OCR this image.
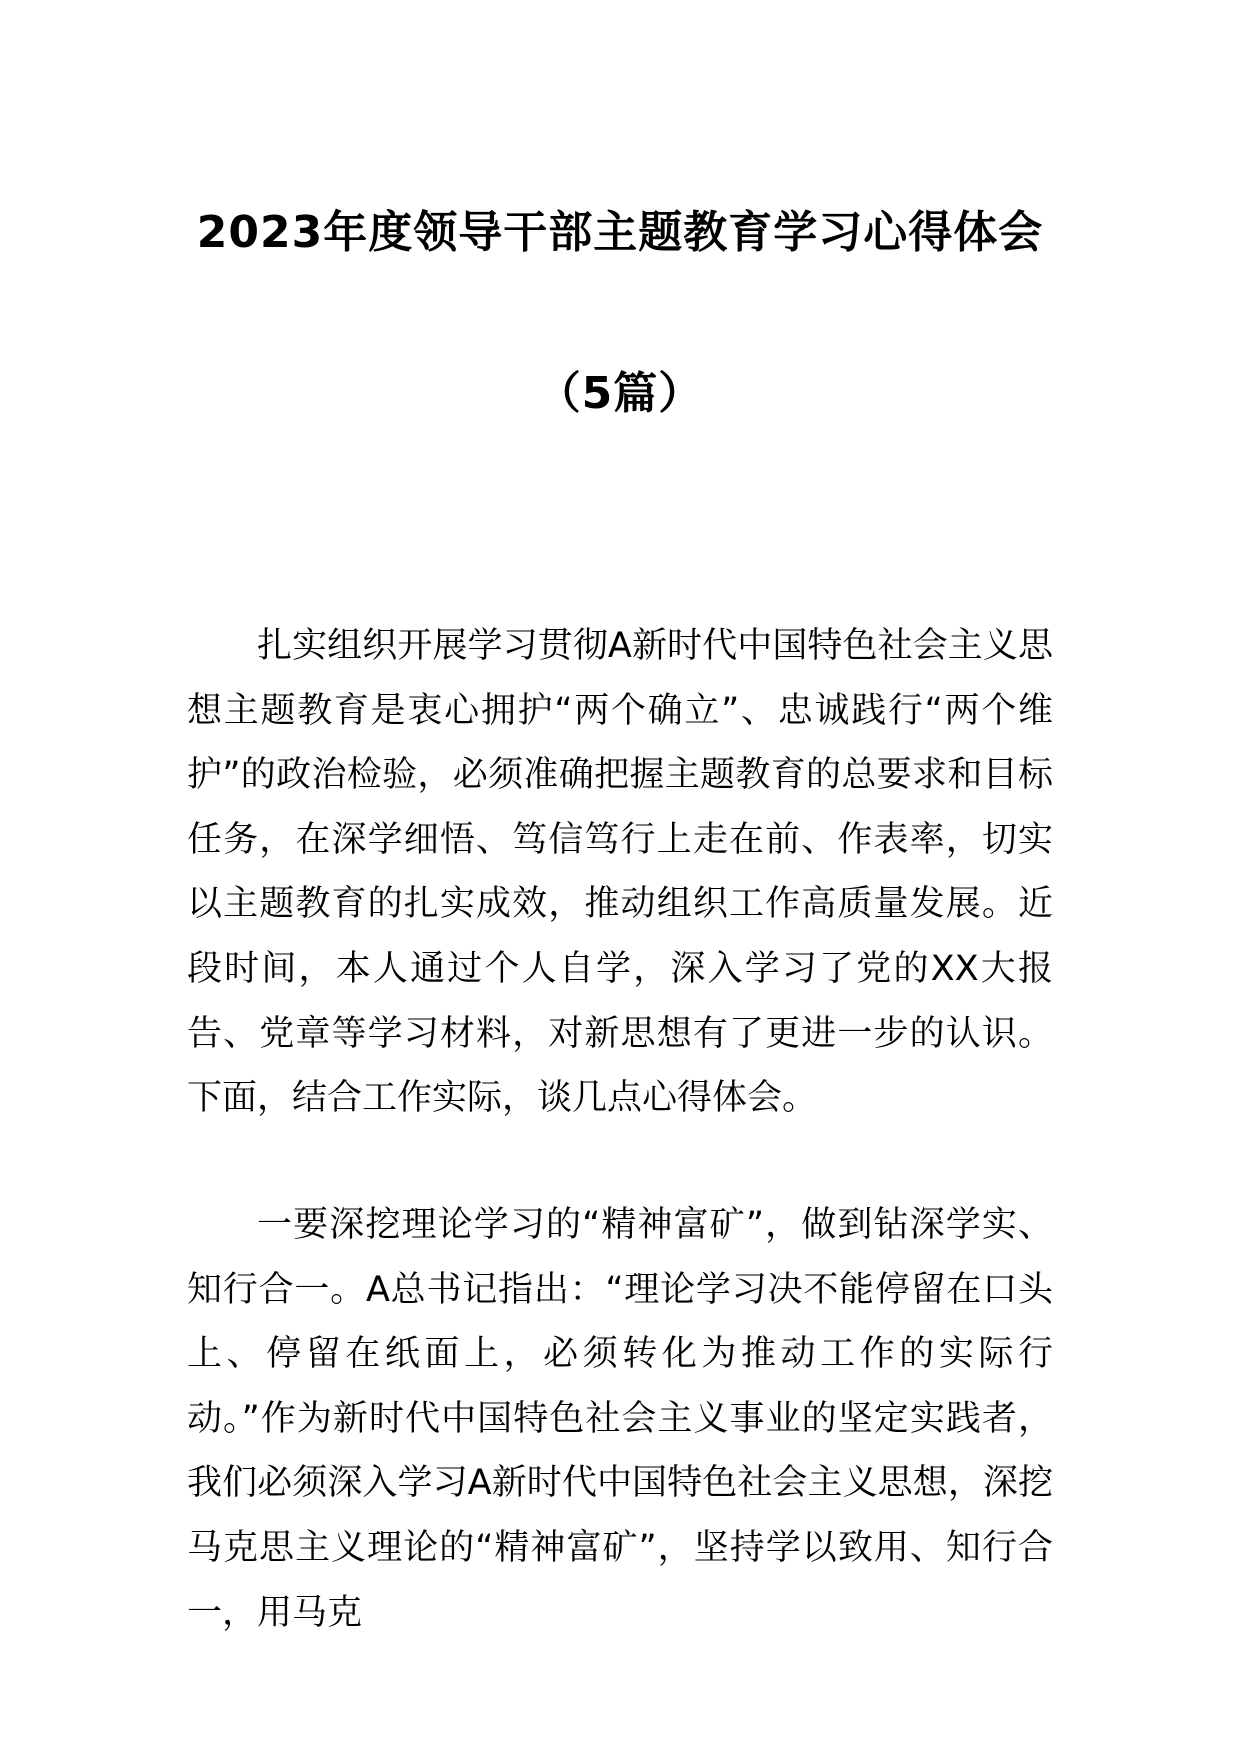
2023年度领导干部主题教育学习心得体会
（5篇）

扎实组织开展学习贯彻A新时代中国特色社会主义思想主题教育是衷心拥护“两个确立”、忠诚践行“两个维护”的政治检验，必须准确把握主题教育的总要求和目标任务，在深学细悟、笃信笃行上走在前、作表率，切实以主题教育的扎实成效，推动组织工作高质量发展。近段时间，本人通过个人自学，深入学习了党的XX大报告、党章等学习材料，对新思想有了更进一步的认识。下面，结合工作实际，谈几点心得体会。

一要深挖理论学习的“精神富矿”，做到钻深学实、知行合一。A总书记指出：“理论学习决不能停留在口头上、停留在纸面上，必须转化为推动工作的实际行动。”作为新时代中国特色社会主义事业的坚定实践者，我们必须深入学习A新时代中国特色社会主义思想，深挖马克思主义理论的“精神富矿”，坚持学以致用、知行合一，用马克
